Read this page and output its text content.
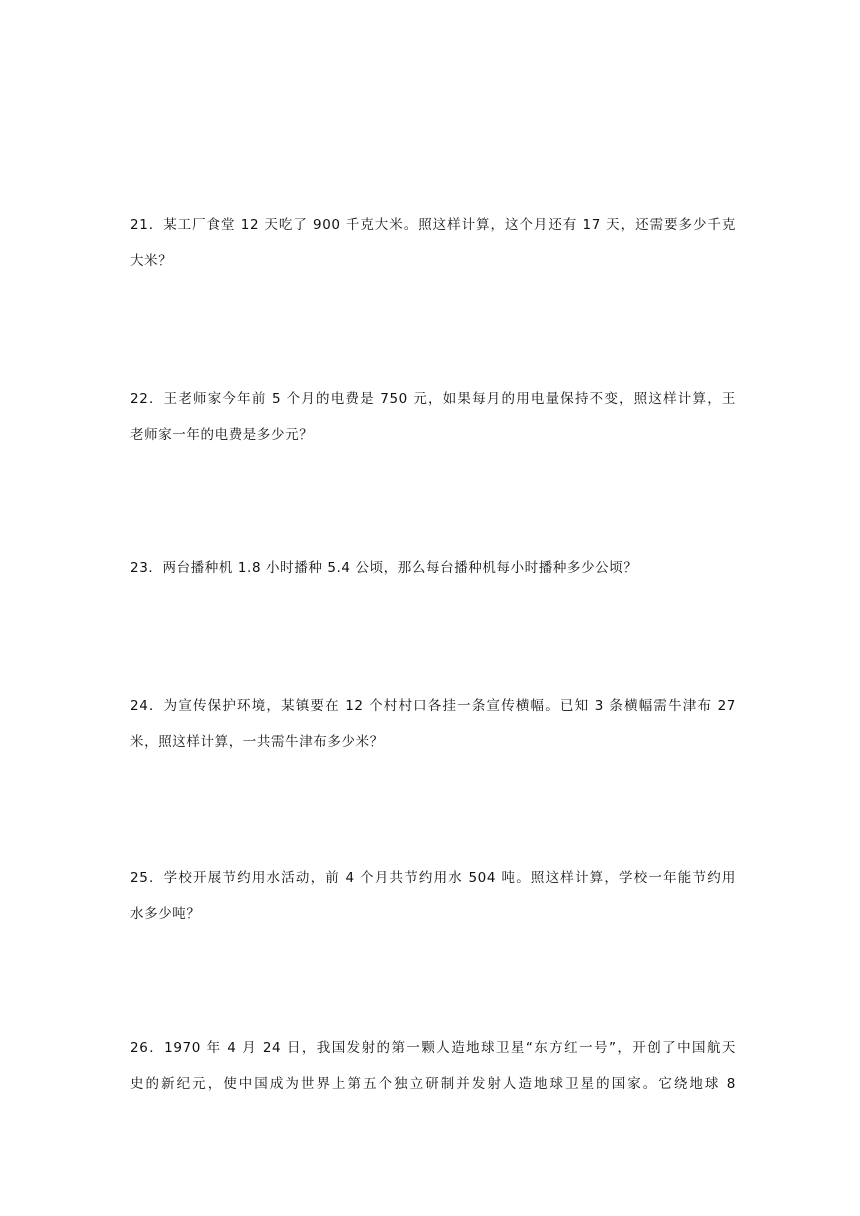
21．某工厂食堂 12 天吃了 900 千克大米。照这样计算，这个月还有 17 天，还需要多少千克
大米？
22．王老师家今年前 5 个月的电费是 750 元，如果每月的用电量保持不变，照这样计算，王
老师家一年的电费是多少元？
23．两台播种机 1.8 小时播种 5.4 公顷，那么每台播种机每小时播种多少公顷？
24．为宣传保护环境，某镇要在 12 个村村口各挂一条宣传横幅。已知 3 条横幅需牛津布 27
米，照这样计算，一共需牛津布多少米？
25．学校开展节约用水活动，前 4 个月共节约用水 504 吨。照这样计算，学校一年能节约用
水多少吨？
26．1970 年 4 月 24 日，我国发射的第一颗人造地球卫星“东方红一号”，开创了中国航天
史的新纪元，使中国成为世界上第五个独立研制并发射人造地球卫星的国家。它绕地球 8
